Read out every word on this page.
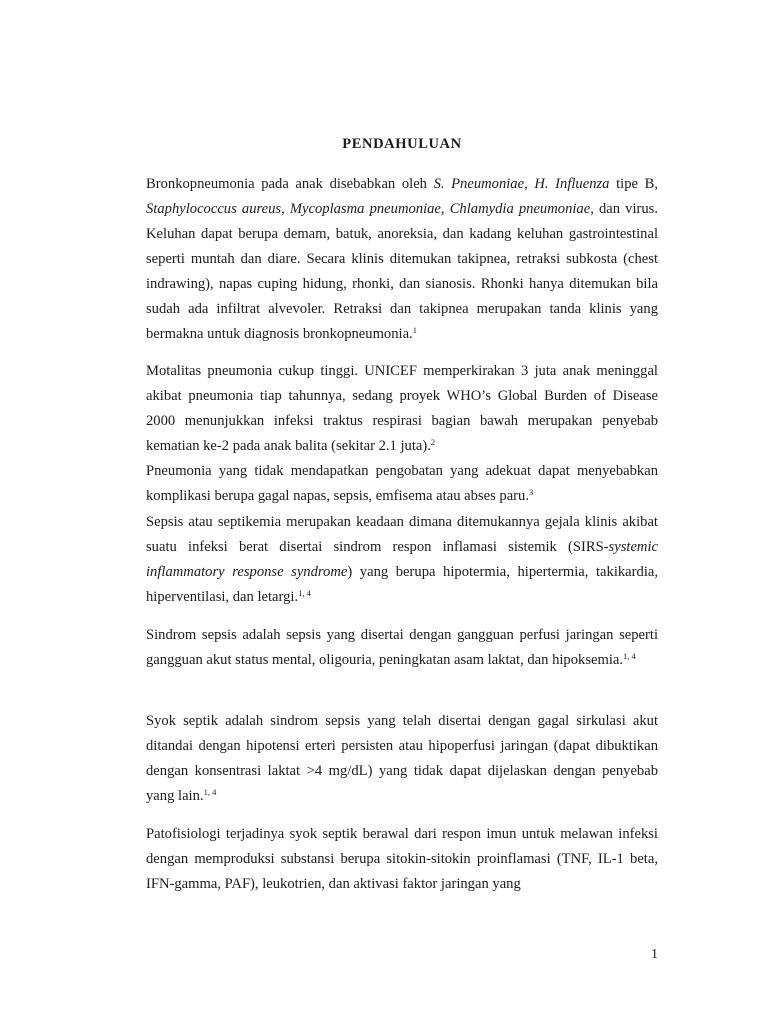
PENDAHULUAN

Bronkopneumonia pada anak disebabkan oleh S. Pneumoniae, H. Influenza tipe B, Staphylococcus aureus, Mycoplasma pneumoniae, Chlamydia pneumoniae, dan virus. Keluhan dapat berupa demam, batuk, anoreksia, dan kadang keluhan gastrointestinal seperti muntah dan diare. Secara klinis ditemukan takipnea, retraksi subkosta (chest indrawing), napas cuping hidung, rhonki, dan sianosis. Rhonki hanya ditemukan bila sudah ada infiltrat alvevoler. Retraksi dan takipnea merupakan tanda klinis yang bermakna untuk diagnosis bronkopneumonia.$^1$

Motalitas pneumonia cukup tinggi. UNICEF memperkirakan 3 juta anak meninggal akibat pneumonia tiap tahunnya, sedang proyek WHO’s Global Burden of Disease 2000 menunjukkan infeksi traktus respirasi bagian bawah merupakan penyebab kematian ke-2 pada anak balita (sekitar 2.1 juta).$^2$

Pneumonia yang tidak mendapatkan pengobatan yang adekuat dapat menyebabkan komplikasi berupa gagal napas, sepsis, emfisema atau abses paru.$^3$

Sepsis atau septikemia merupakan keadaan dimana ditemukannya gejala klinis akibat suatu infeksi berat disertai sindrom respon inflamasi sistemik (SIRS-systemic inflammatory response syndrome) yang berupa hipotermia, hipertermia, takikardia, hiperventilasi, dan letargi.$^{1, 4}$

Sindrom sepsis adalah sepsis yang disertai dengan gangguan perfusi jaringan seperti gangguan akut status mental, oligouria, peningkatan asam laktat, dan hipoksemia.$^{1, 4}$

Syok septik adalah sindrom sepsis yang telah disertai dengan gagal sirkulasi akut ditandai dengan hipotensi erteri persisten atau hipoperfusi jaringan (dapat dibuktikan dengan konsentrasi laktat >4 mg/dL) yang tidak dapat dijelaskan dengan penyebab yang lain.$^{1, 4}$

Patofisiologi terjadinya syok septik berawal dari respon imun untuk melawan infeksi dengan memproduksi substansi berupa sitokin-sitokin proinflamasi (TNF, IL-1 beta, IFN-gamma, PAF), leukotrien, dan aktivasi faktor jaringan yang

1
